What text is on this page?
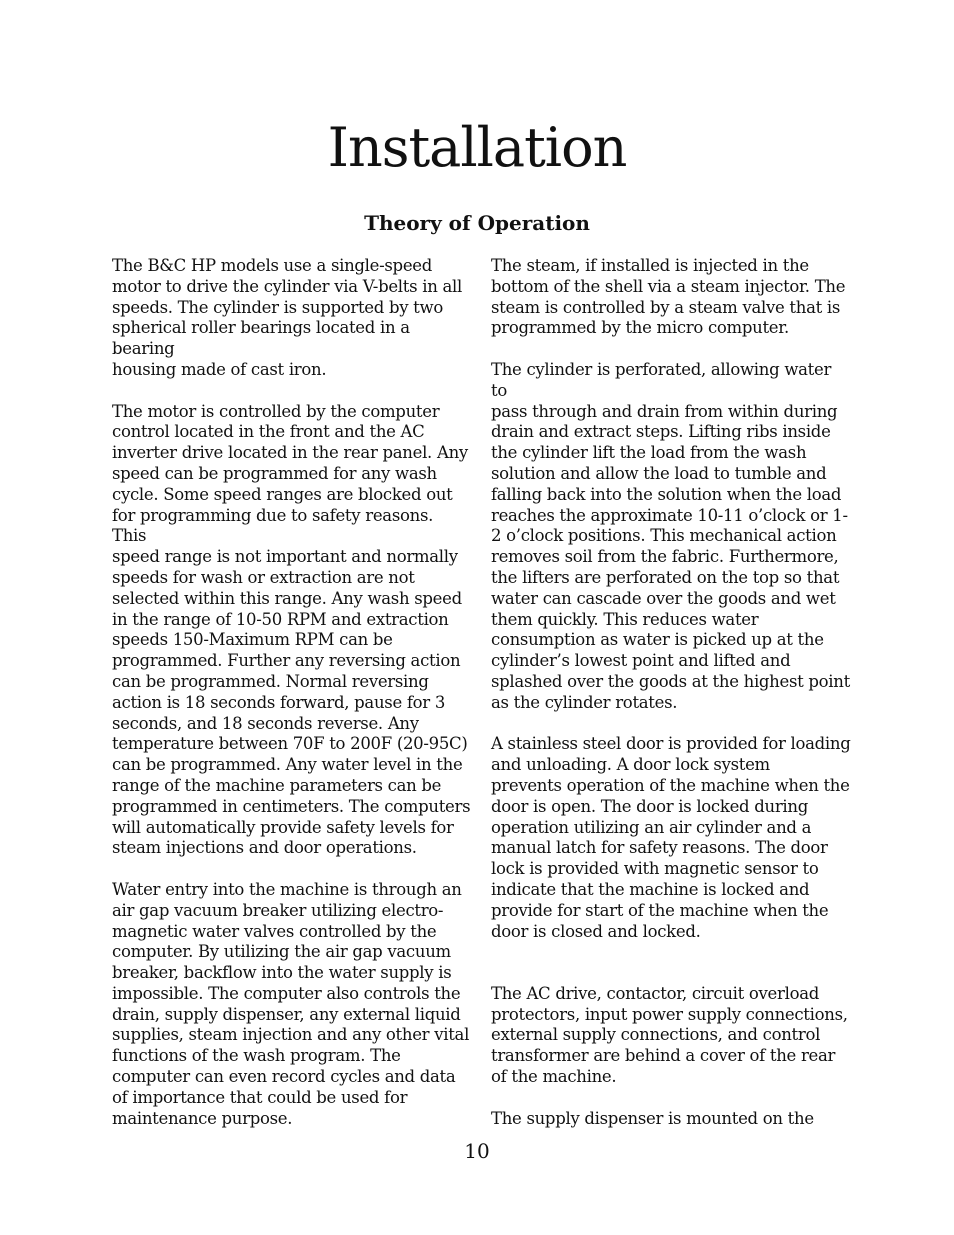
Installation
Theory of Operation

The B&C HP models use a single-speed
motor to drive the cylinder via V-belts in all
speeds. The cylinder is supported by two
spherical roller bearings located in a bearing
housing made of cast iron.

The motor is controlled by the computer
control located in the front and the AC
inverter drive located in the rear panel. Any
speed can be programmed for any wash
cycle. Some speed ranges are blocked out
for programming due to safety reasons. This
speed range is not important and normally
speeds for wash or extraction are not
selected within this range. Any wash speed
in the range of 10-50 RPM and extraction
speeds 150-Maximum RPM can be
programmed. Further any reversing action
can be programmed. Normal reversing
action is 18 seconds forward, pause for 3
seconds, and 18 seconds reverse. Any
temperature between 70F to 200F (20-95C)
can be programmed. Any water level in the
range of the machine parameters can be
programmed in centimeters. The computers
will automatically provide safety levels for
steam injections and door operations.

Water entry into the machine is through an
air gap vacuum breaker utilizing electro-
magnetic water valves controlled by the
computer. By utilizing the air gap vacuum
breaker, backflow into the water supply is
impossible. The computer also controls the
drain, supply dispenser, any external liquid
supplies, steam injection and any other vital
functions of the wash program. The
computer can even record cycles and data
of importance that could be used for
maintenance purpose.

The steam, if installed is injected in the
bottom of the shell via a steam injector. The
steam is controlled by a steam valve that is
programmed by the micro computer.

The cylinder is perforated, allowing water to
pass through and drain from within during
drain and extract steps. Lifting ribs inside
the cylinder lift the load from the wash
solution and allow the load to tumble and
falling back into the solution when the load
reaches the approximate 10-11 o’clock or 1-
2 o’clock positions. This mechanical action
removes soil from the fabric. Furthermore,
the lifters are perforated on the top so that
water can cascade over the goods and wet
them quickly. This reduces water
consumption as water is picked up at the
cylinder’s lowest point and lifted and
splashed over the goods at the highest point
as the cylinder rotates.

A stainless steel door is provided for loading
and unloading. A door lock system
prevents operation of the machine when the
door is open. The door is locked during
operation utilizing an air cylinder and a
manual latch for safety reasons. The door
lock is provided with magnetic sensor to
indicate that the machine is locked and
provide for start of the machine when the
door is closed and locked.

The AC drive, contactor, circuit overload
protectors, input power supply connections,
external supply connections, and control
transformer are behind a cover of the rear
of the machine.

The supply dispenser is mounted on the

10
